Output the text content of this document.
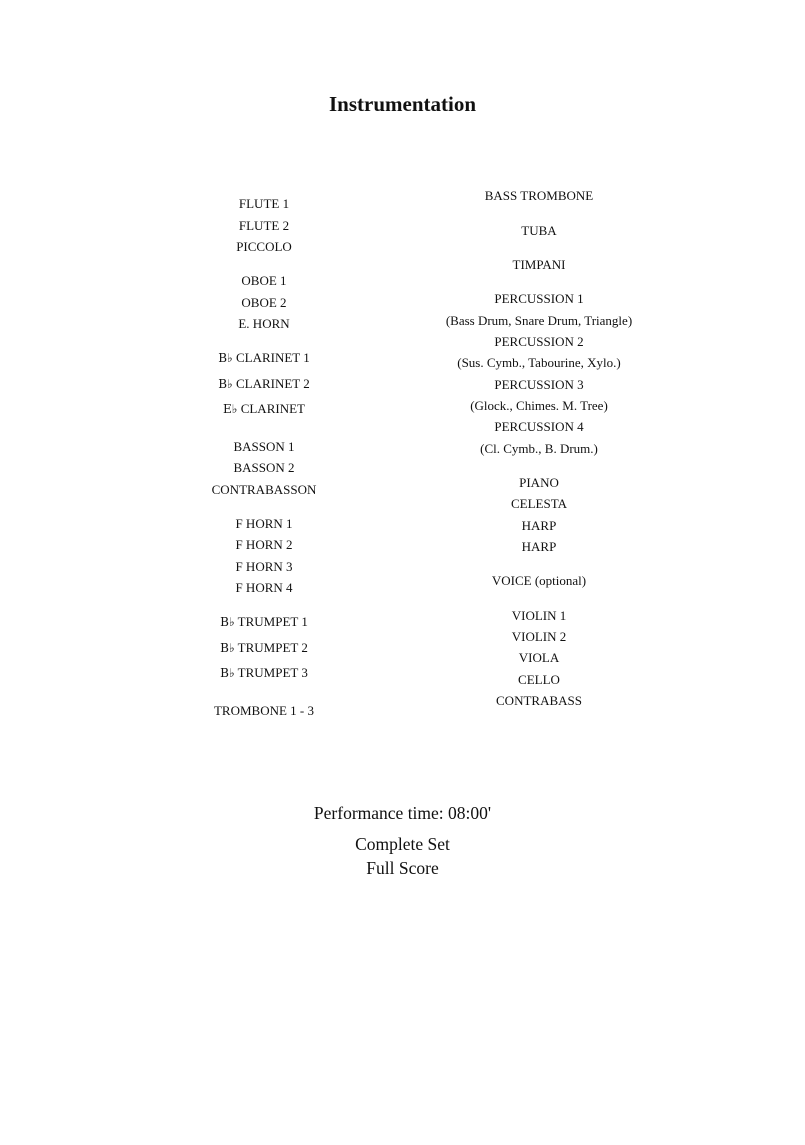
Instrumentation
FLUTE 1
FLUTE 2
PICCOLO
OBOE 1
OBOE 2
E. HORN
B♭ CLARINET 1
B♭ CLARINET 2
E♭ CLARINET
BASSON 1
BASSON 2
CONTRABASSON
F HORN 1
F HORN 2
F HORN 3
F HORN 4
B♭ TRUMPET 1
B♭ TRUMPET 2
B♭ TRUMPET 3
TROMBONE 1 - 3
BASS TROMBONE
TUBA
TIMPANI
PERCUSSION 1
(Bass Drum, Snare Drum, Triangle)
PERCUSSION 2
(Sus. Cymb., Tabourine, Xylo.)
PERCUSSION 3
(Glock., Chimes. M. Tree)
PERCUSSION 4
(Cl. Cymb., B. Drum.)
PIANO
CELESTA
HARP
HARP
VOICE (optional)
VIOLIN 1
VIOLIN 2
VIOLA
CELLO
CONTRABASS
Performance time: 08:00'
Complete Set
Full Score
